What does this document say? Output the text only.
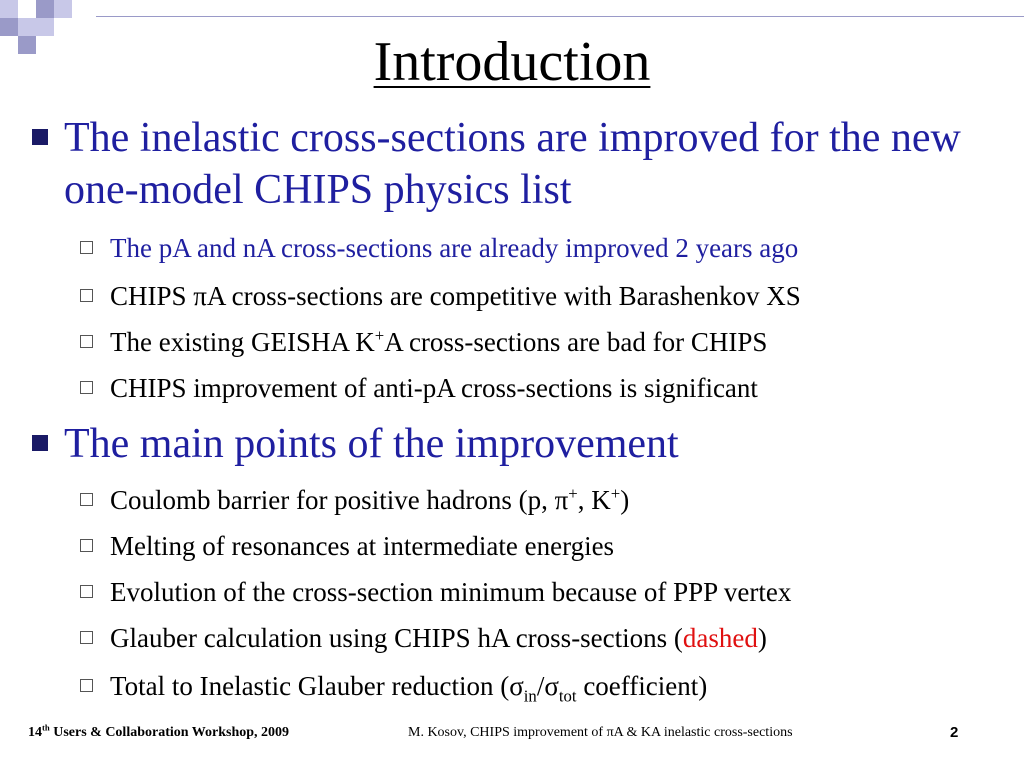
Introduction
The inelastic cross-sections are improved for the new one-model CHIPS physics list
The pA and nA cross-sections are already improved 2 years ago
CHIPS πA cross-sections are competitive with Barashenkov XS
The existing GEISHA K+A cross-sections are bad for CHIPS
CHIPS improvement of anti-pA cross-sections is significant
The main points of the improvement
Coulomb barrier for positive hadrons (p, π+, K+)
Melting of resonances at intermediate energies
Evolution of the cross-section minimum because of PPP vertex
Glauber calculation using CHIPS hA cross-sections (dashed)
Total to Inelastic Glauber reduction ($\sigma_{in}/\sigma_{tot}$ coefficient)
14th Users & Collaboration Workshop, 2009	M. Kosov, CHIPS improvement of πA & KA inelastic cross-sections	2
